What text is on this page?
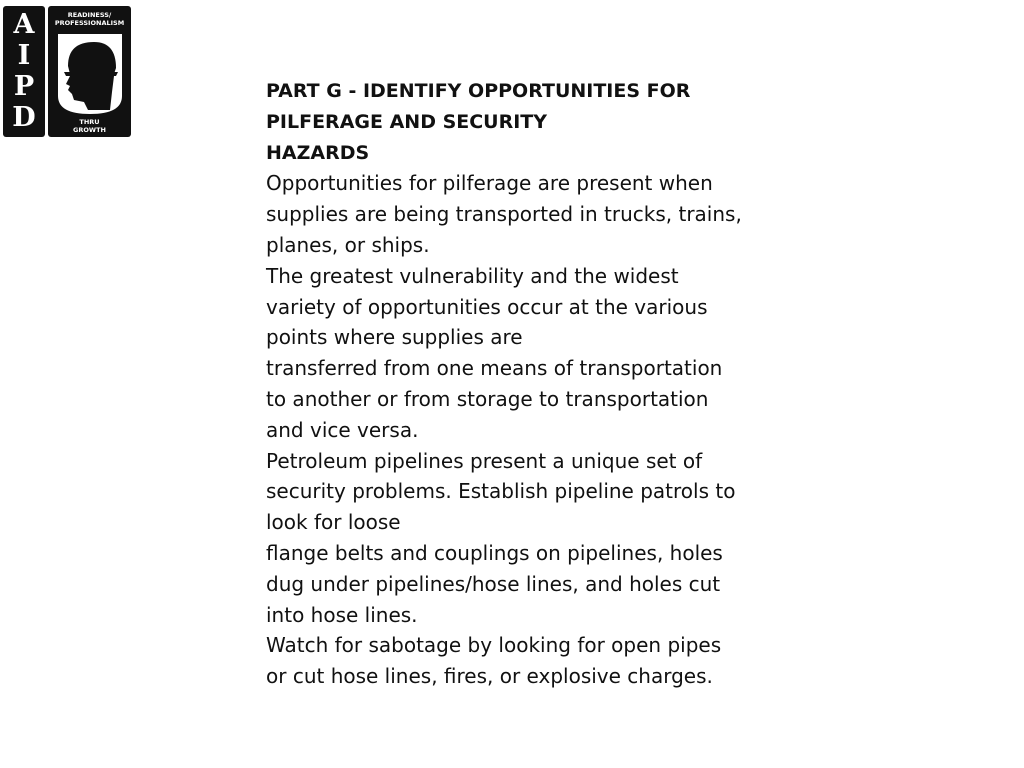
A
I
P
D
READINESS/
PROFESSIONALISM
THRU
GROWTH

PART G - IDENTIFY OPPORTUNITIES FOR

PILFERAGE AND SECURITY

HAZARDS

Opportunities for pilferage are present when

supplies are being transported in trucks, trains,

planes, or ships.

The greatest vulnerability and the widest

variety of opportunities occur at the various

points where supplies are

transferred from one means of transportation

to another or from storage to transportation

and vice versa.

Petroleum pipelines present a unique set of

security problems. Establish pipeline patrols to

look for loose

flange belts and couplings on pipelines, holes

dug under pipelines/hose lines, and holes cut

into hose lines.

Watch for sabotage by looking for open pipes

or cut hose lines, fires, or explosive charges.
